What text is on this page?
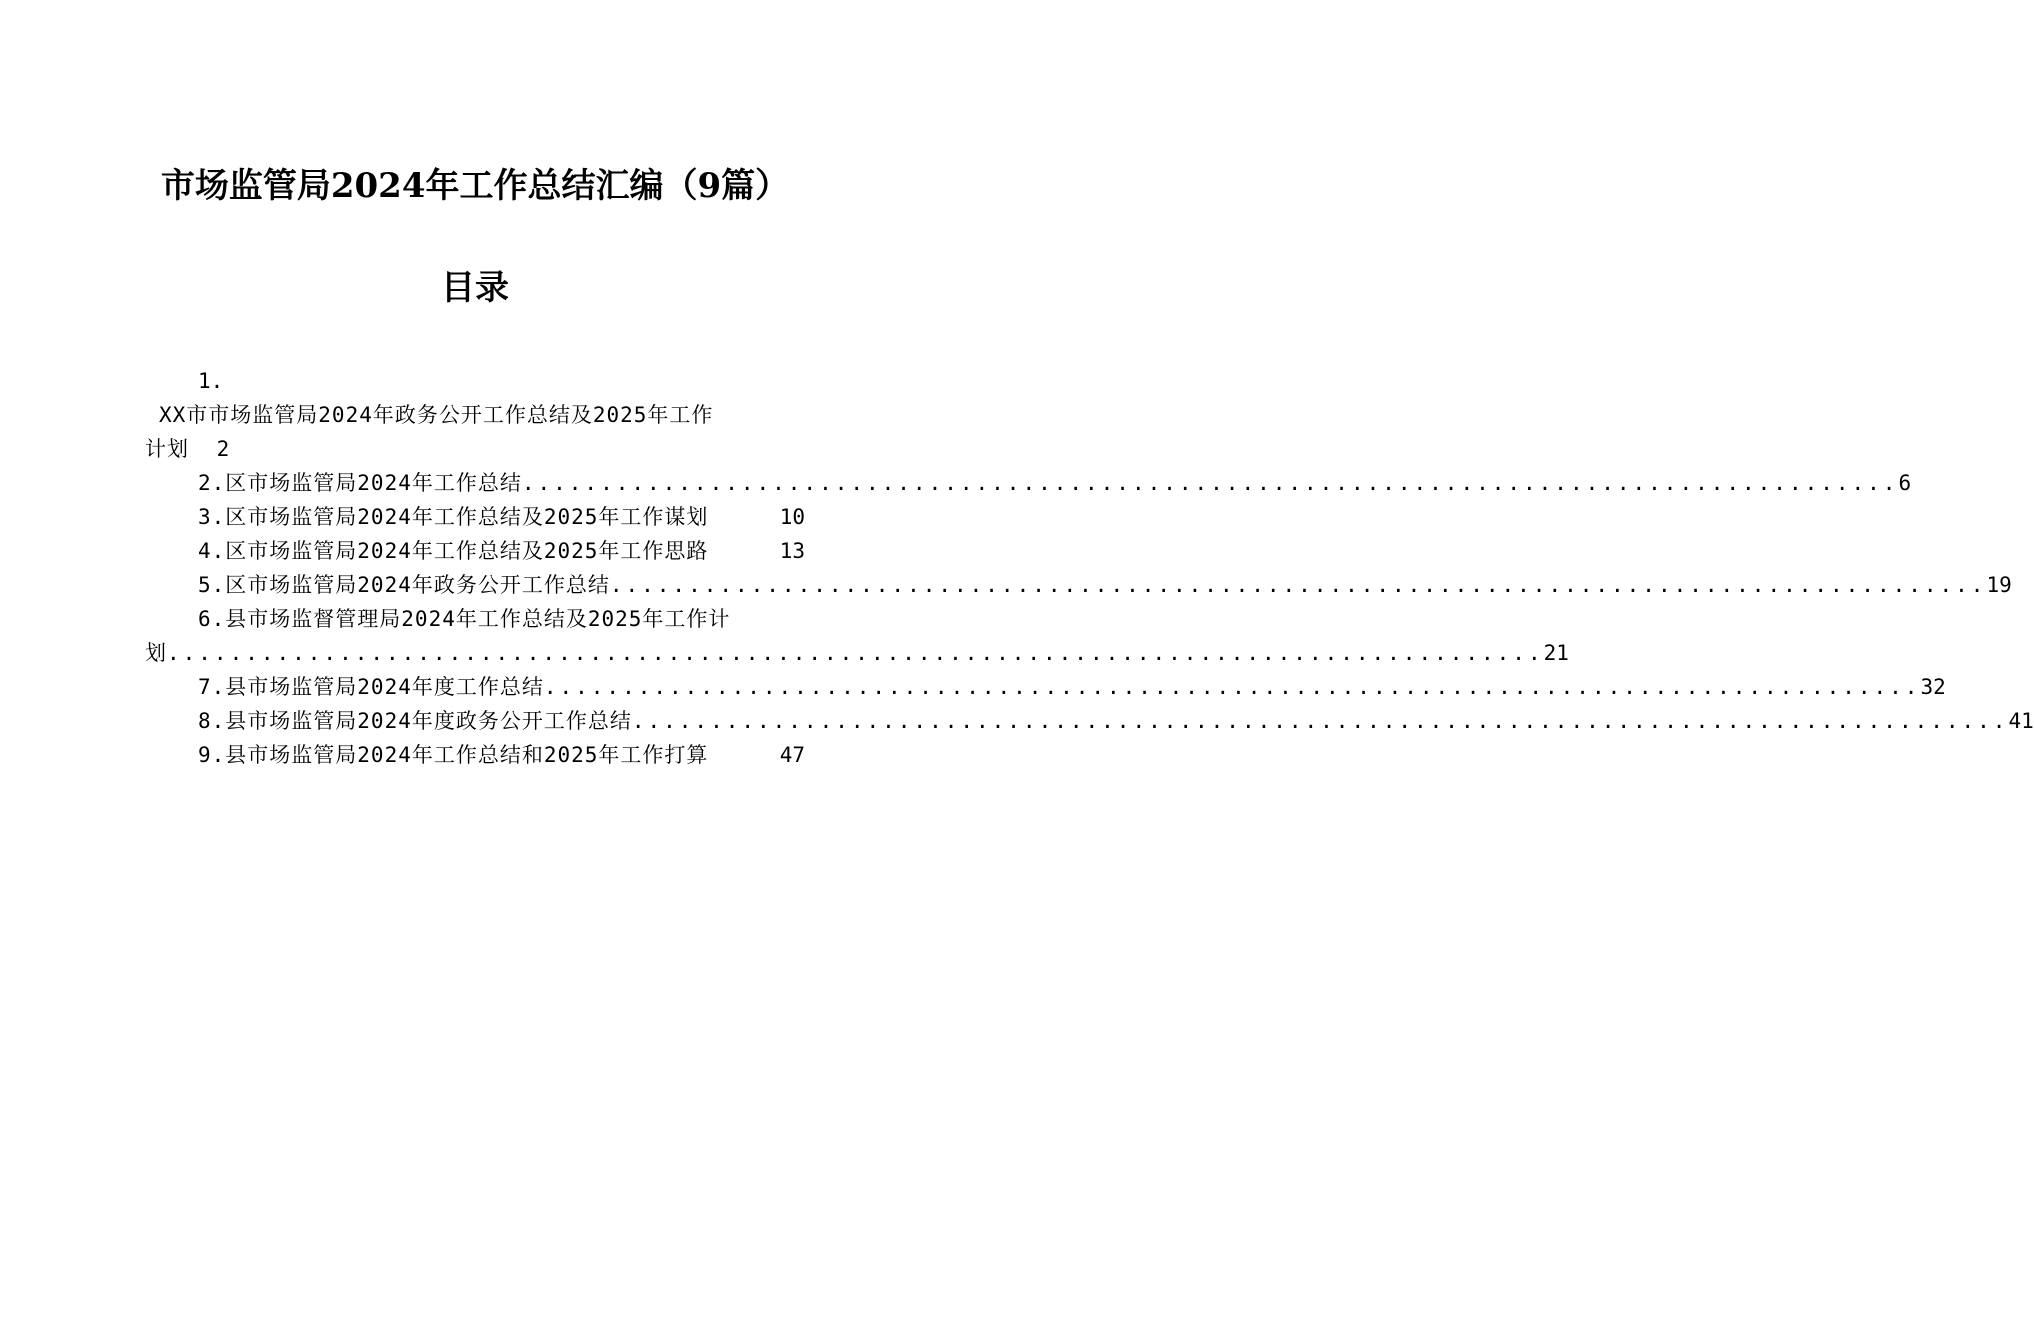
市场监管局2024年工作总结汇编（9篇）
目录
1.
XX市市场监管局2024年政务公开工作总结及2025年工作
计划 2
2.区市场监管局2024年工作总结 ........................................................................................ 6
3.区市场监管局2024年工作总结及2025年工作谋划	10
4.区市场监管局2024年工作总结及2025年工作思路	13
5.区市场监管局2024年政务公开工作总结 ........................................................................................ 19
6.县市场监督管理局2024年工作总结及2025年工作计
划 ........................................................................................ 21
7.县市场监管局2024年度工作总结 ........................................................................................ 32
8.县市场监管局2024年度政务公开工作总结 ........................................................................................ 41
9.县市场监管局2024年工作总结和2025年工作打算	47
